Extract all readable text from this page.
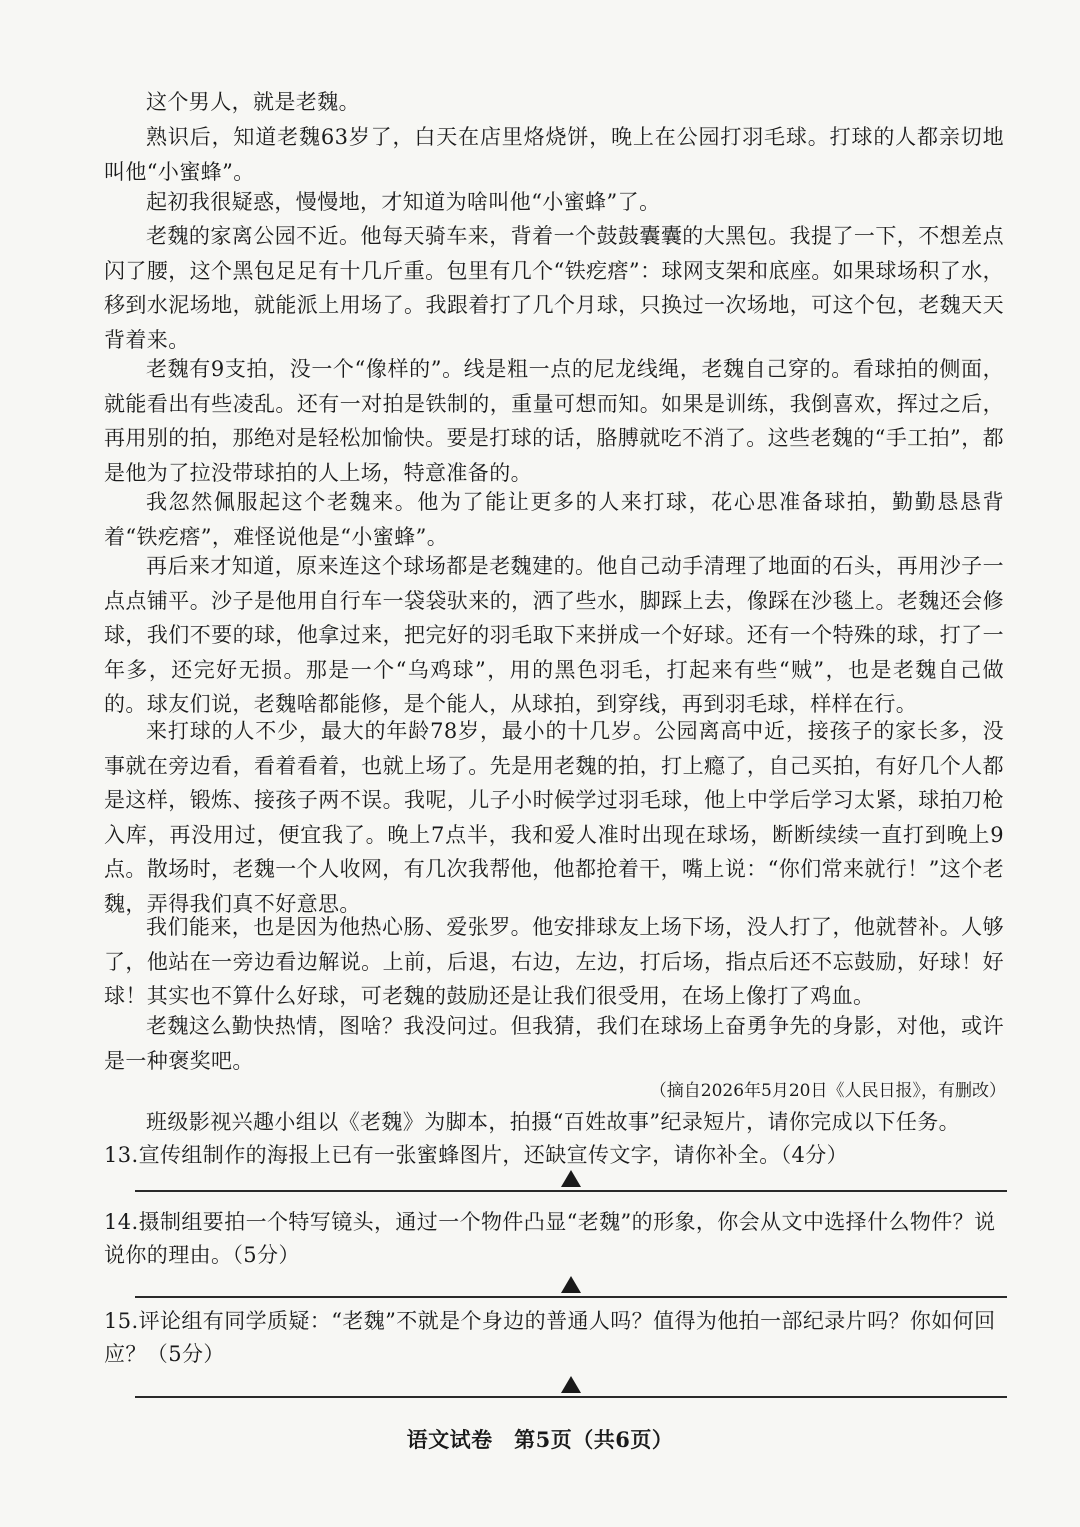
这个男人，就是老魏。

熟识后，知道老魏63岁了，白天在店里烙烧饼，晚上在公园打羽毛球。打球的人都亲切地叫他“小蜜蜂”。

起初我很疑惑，慢慢地，才知道为啥叫他“小蜜蜂”了。

老魏的家离公园不近。他每天骑车来，背着一个鼓鼓囊囊的大黑包。我提了一下，不想差点闪了腰，这个黑包足足有十几斤重。包里有几个“铁疙瘩”：球网支架和底座。如果球场积了水，移到水泥场地，就能派上用场了。我跟着打了几个月球，只换过一次场地，可这个包，老魏天天背着来。

老魏有9支拍，没一个“像样的”。线是粗一点的尼龙线绳，老魏自己穿的。看球拍的侧面，就能看出有些凌乱。还有一对拍是铁制的，重量可想而知。如果是训练，我倒喜欢，挥过之后，再用别的拍，那绝对是轻松加愉快。要是打球的话，胳膊就吃不消了。这些老魏的“手工拍”，都是他为了拉没带球拍的人上场，特意准备的。

我忽然佩服起这个老魏来。他为了能让更多的人来打球，花心思准备球拍，勤勤恳恳背着“铁疙瘩”，难怪说他是“小蜜蜂”。

再后来才知道，原来连这个球场都是老魏建的。他自己动手清理了地面的石头，再用沙子一点点铺平。沙子是他用自行车一袋袋驮来的，洒了些水，脚踩上去，像踩在沙毯上。老魏还会修球，我们不要的球，他拿过来，把完好的羽毛取下来拼成一个好球。还有一个特殊的球，打了一年多，还完好无损。那是一个“乌鸡球”，用的黑色羽毛，打起来有些“贼”，也是老魏自己做的。球友们说，老魏啥都能修，是个能人，从球拍，到穿线，再到羽毛球，样样在行。

来打球的人不少，最大的年龄78岁，最小的十几岁。公园离高中近，接孩子的家长多，没事就在旁边看，看着看着，也就上场了。先是用老魏的拍，打上瘾了，自己买拍，有好几个人都是这样，锻炼、接孩子两不误。我呢，儿子小时候学过羽毛球，他上中学后学习太紧，球拍刀枪入库，再没用过，便宜我了。晚上7点半，我和爱人准时出现在球场，断断续续一直打到晚上9点。散场时，老魏一个人收网，有几次我帮他，他都抢着干，嘴上说：“你们常来就行！”这个老魏，弄得我们真不好意思。

我们能来，也是因为他热心肠、爱张罗。他安排球友上场下场，没人打了，他就替补。人够了，他站在一旁边看边解说。上前，后退，右边，左边，打后场，指点后还不忘鼓励，好球！好球！其实也不算什么好球，可老魏的鼓励还是让我们很受用，在场上像打了鸡血。

老魏这么勤快热情，图啥？我没问过。但我猜，我们在球场上奋勇争先的身影，对他，或许是一种褒奖吧。

（摘自2026年5月20日《人民日报》，有删改）
班级影视兴趣小组以《老魏》为脚本，拍摄“百姓故事”纪录短片，请你完成以下任务。
13.宣传组制作的海报上已有一张蜜蜂图片，还缺宣传文字，请你补全。（4分）
14.摄制组要拍一个特写镜头，通过一个物件凸显“老魏”的形象，你会从文中选择什么物件？说说你的理由。（5分）
15.评论组有同学质疑：“老魏”不就是个身边的普通人吗？值得为他拍一部纪录片吗？你如何回应？（5分）
语文试卷　第5页（共6页）
